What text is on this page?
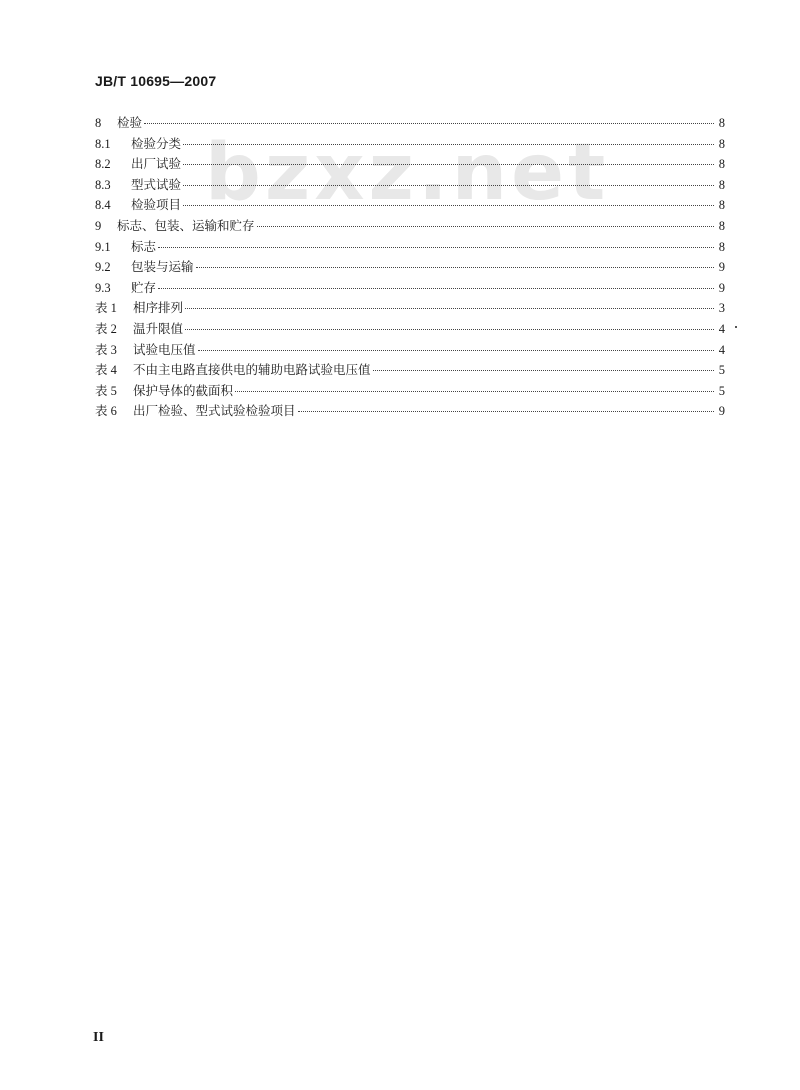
JB/T 10695—2007
bzxz.net
8	检验	8
8.1	检验分类	8
8.2	出厂试验	8
8.3	型式试验	8
8.4	检验项目	8
9	标志、包装、运输和贮存	8
9.1	标志	8
9.2	包装与运输	9
9.3	贮存	9
表 1	相序排列	3
表 2	温升限值	4
表 3	试验电压值	4
表 4	不由主电路直接供电的辅助电路试验电压值	5
表 5	保护导体的截面积	5
表 6	出厂检验、型式试验检验项目	9
II
